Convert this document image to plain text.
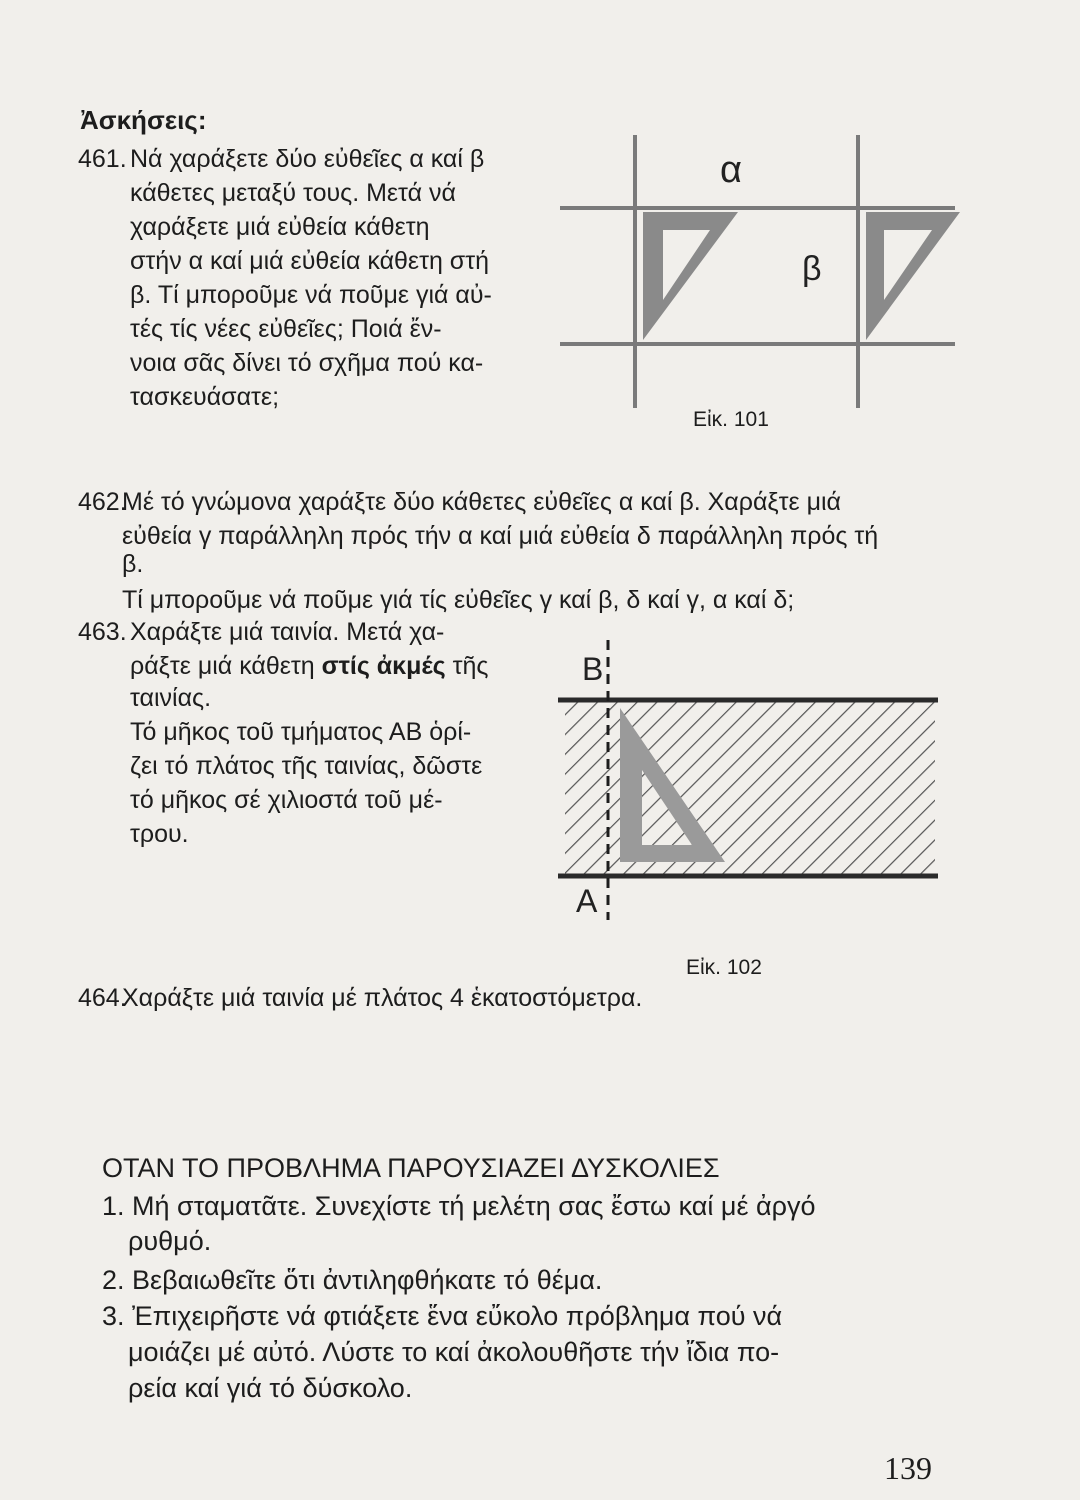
Ἀσκήσεις:
461. Νά χαράξετε δύο εὐθεῖες α καί β
κάθετες μεταξύ τους. Μετά νά
χαράξετε μιά εὐθεία κάθετη
στήν α καί μιά εὐθεία κάθετη στή
β. Τί μποροῦμε νά ποῦμε γιά αὐ-
τές τίς νέες εὐθεῖες; Ποιά ἔν-
νοια σᾶς δίνει τό σχῆμα πού κα-
τασκευάσατε;
α
β
Εἰκ. 101
462.
Μέ τό γνώμονα χαράξτε δύο κάθετες εὐθεῖες α καί β. Χαράξτε μιά
εὐθεία γ παράλληλη πρός τήν α καί μιά εὐθεία δ παράλληλη πρός τή
β.
Τί μποροῦμε νά ποῦμε γιά τίς εὐθεῖες γ καί β, δ καί γ, α καί δ;
463. Χαράξτε μιά ταινία. Μετά χα-
ράξτε μιά κάθετη στίς ἀκμές τῆς
ταινίας.
Τό μῆκος τοῦ τμήματος ΑΒ ὁρί-
ζει τό πλάτος τῆς ταινίας, δῶστε
τό μῆκος σέ χιλιοστά τοῦ μέ-
τρου.
Β
Α
Εἰκ. 102
464.
Χαράξτε μιά ταινία μέ πλάτος 4 ἑκατοστόμετρα.
ΟΤΑΝ ΤΟ ΠΡΟΒΛΗΜΑ ΠΑΡΟΥΣΙΑΖΕΙ ΔΥΣΚΟΛΙΕΣ
1. Μή σταματᾶτε. Συνεχίστε τή μελέτη σας ἔστω καί μέ ἀργό
ρυθμό.
2. Βεβαιωθεῖτε ὅτι ἀντιληφθήκατε τό θέμα.
3. Ἐπιχειρῆστε νά φτιάξετε ἕνα εὔκολο πρόβλημα πού νά
μοιάζει μέ αὐτό. Λύστε το καί ἀκολουθῆστε τήν ἴδια πο-
ρεία καί γιά τό δύσκολο.
139
